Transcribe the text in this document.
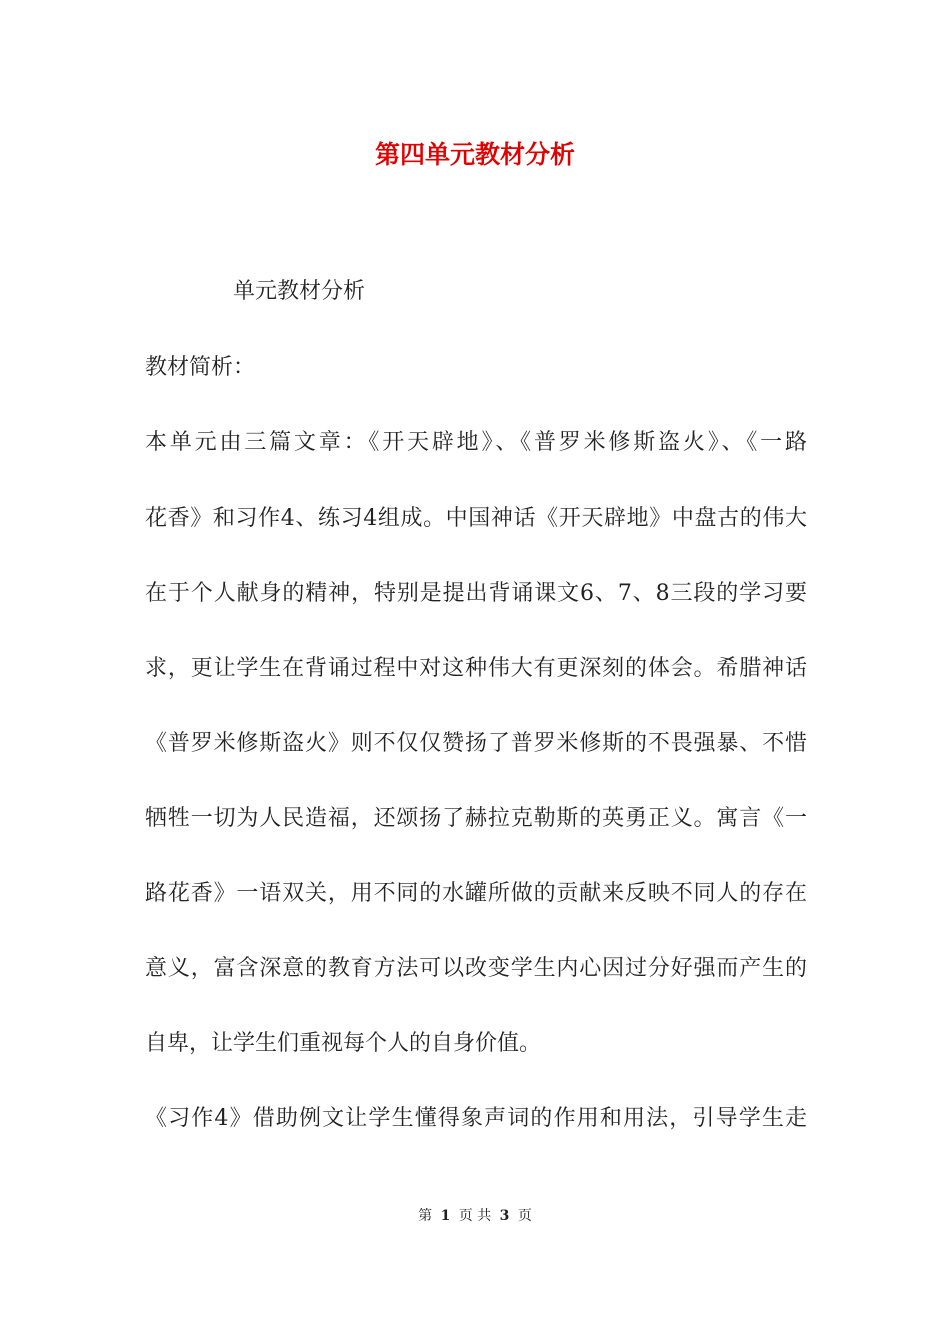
第四单元教材分析
单元教材分析
教材简析：
本单元由三篇文章：《开天辟地》、《普罗米修斯盗火》、《一路
花香》和习作4、练习4组成。中国神话《开天辟地》中盘古的伟大
在于个人献身的精神，特别是提出背诵课文6、7、8三段的学习要
求，更让学生在背诵过程中对这种伟大有更深刻的体会。希腊神话
《普罗米修斯盗火》则不仅仅赞扬了普罗米修斯的不畏强暴、不惜
牺牲一切为人民造福，还颂扬了赫拉克勒斯的英勇正义。寓言《一
路花香》一语双关，用不同的水罐所做的贡献来反映不同人的存在
意义，富含深意的教育方法可以改变学生内心因过分好强而产生的
自卑，让学生们重视每个人的自身价值。
《习作4》借助例文让学生懂得象声词的作用和用法，引导学生走
第 1 页 共 3 页
